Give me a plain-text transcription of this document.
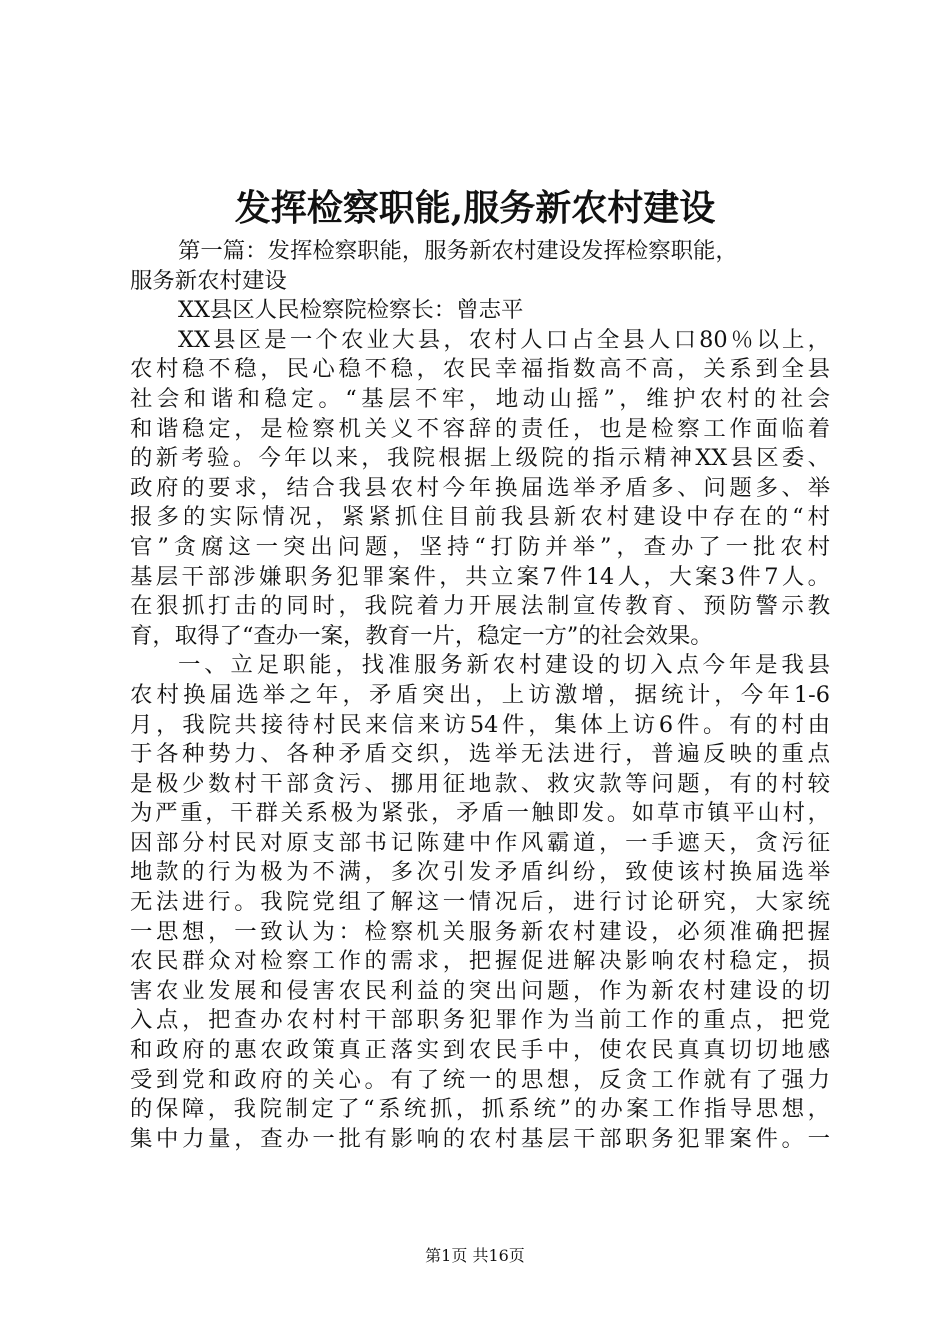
发挥检察职能,服务新农村建设
第一篇：发挥检察职能，服务新农村建设发挥检察职能，
服务新农村建设
XX县区人民检察院检察长：曾志平
XX县区是一个农业大县，农村人口占全县人口80％以上，
农村稳不稳，民心稳不稳，农民幸福指数高不高，关系到全县
社会和谐和稳定。“基层不牢，地动山摇”，维护农村的社会
和谐稳定，是检察机关义不容辞的责任，也是检察工作面临着
的新考验。今年以来，我院根据上级院的指示精神XX县区委、
政府的要求，结合我县农村今年换届选举矛盾多、问题多、举
报多的实际情况，紧紧抓住目前我县新农村建设中存在的“村
官”贪腐这一突出问题，坚持“打防并举”，查办了一批农村
基层干部涉嫌职务犯罪案件，共立案7件14人，大案3件7人。
在狠抓打击的同时，我院着力开展法制宣传教育、预防警示教
育，取得了“查办一案，教育一片，稳定一方”的社会效果。
一、立足职能，找准服务新农村建设的切入点今年是我县
农村换届选举之年，矛盾突出，上访激增，据统计，今年1-6
月，我院共接待村民来信来访54件，集体上访6件。有的村由
于各种势力、各种矛盾交织，选举无法进行，普遍反映的重点
是极少数村干部贪污、挪用征地款、救灾款等问题，有的村较
为严重，干群关系极为紧张，矛盾一触即发。如草市镇平山村，
因部分村民对原支部书记陈建中作风霸道，一手遮天，贪污征
地款的行为极为不满，多次引发矛盾纠纷，致使该村换届选举
无法进行。我院党组了解这一情况后，进行讨论研究，大家统
一思想，一致认为：检察机关服务新农村建设，必须准确把握
农民群众对检察工作的需求，把握促进解决影响农村稳定，损
害农业发展和侵害农民利益的突出问题，作为新农村建设的切
入点，把查办农村村干部职务犯罪作为当前工作的重点，把党
和政府的惠农政策真正落实到农民手中，使农民真真切切地感
受到党和政府的关心。有了统一的思想，反贪工作就有了强力
的保障，我院制定了“系统抓，抓系统”的办案工作指导思想，
集中力量，查办一批有影响的农村基层干部职务犯罪案件。一
第1页 共16页
